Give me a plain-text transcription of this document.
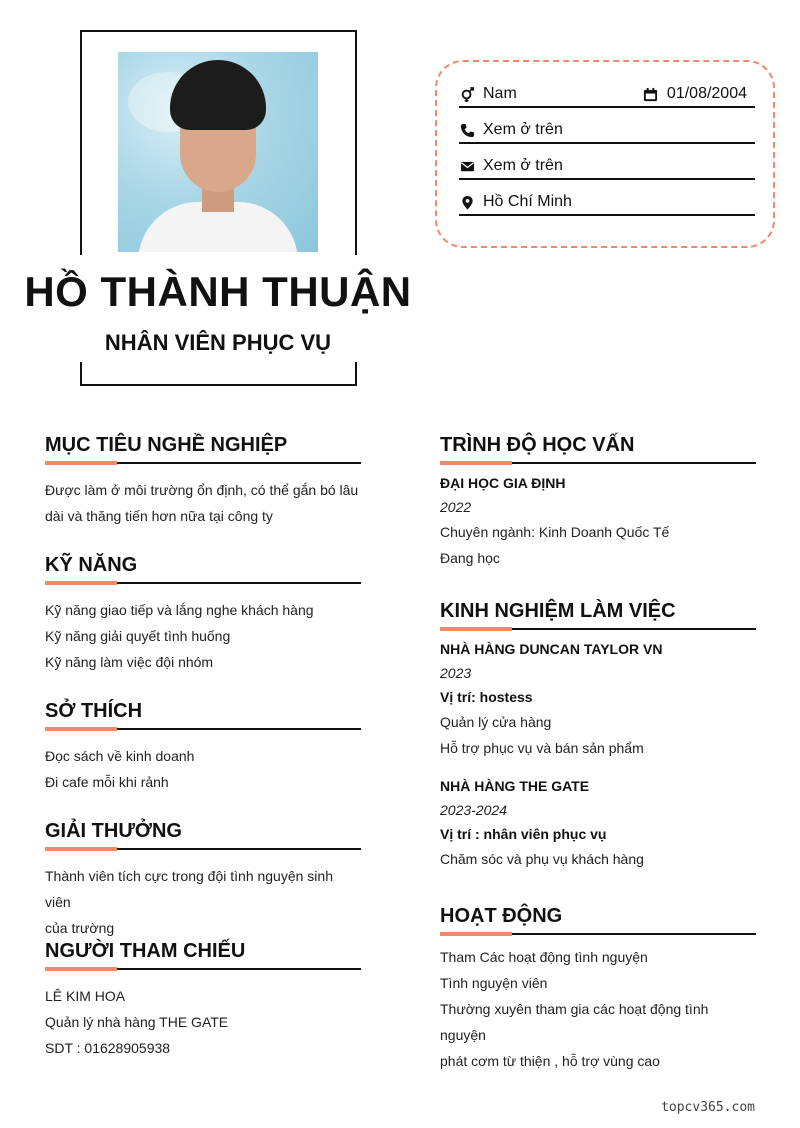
HỒ THÀNH THUẬN
NHÂN VIÊN PHỤC VỤ
Nam	01/08/2004
Xem ở trên
Xem ở trên
Hồ Chí Minh
MỤC TIÊU NGHỀ NGHIỆP
Được làm ở môi trường ổn định, có thể gắn bó lâu
dài và thăng tiến hơn nữa tại công ty
KỸ NĂNG
Kỹ năng giao tiếp và lắng nghe khách hàng
Kỹ năng giải quyết tình huống
Kỹ năng làm việc đội nhóm
SỞ THÍCH
Đọc sách về kinh doanh
Đi cafe mỗi khi rảnh
GIẢI THƯỞNG
Thành viên tích cực trong đội tình nguyện sinh viên
của trường
NGƯỜI THAM CHIẾU
LÊ KIM HOA
Quản lý nhà hàng THE GATE
SDT : 01628905938
TRÌNH ĐỘ HỌC VẤN
ĐẠI HỌC GIA ĐỊNH
2022
Chuyên ngành: Kinh Doanh Quốc Tế
Đang học
KINH NGHIỆM LÀM VIỆC
NHÀ HÀNG DUNCAN TAYLOR VN
2023
Vị trí: hostess
Quản lý cửa hàng
Hỗ trợ phục vụ và bán sản phẩm
NHÀ HÀNG THE GATE
2023-2024
Vị trí : nhân viên phục vụ
Chăm sóc và phụ vụ khách hàng
HOẠT ĐỘNG
Tham Các hoạt động tình nguyện
Tình nguyện viên
Thường xuyên tham gia các hoạt động tình nguyện
phát cơm từ thiện , hỗ trợ vùng cao
topcv365.com
